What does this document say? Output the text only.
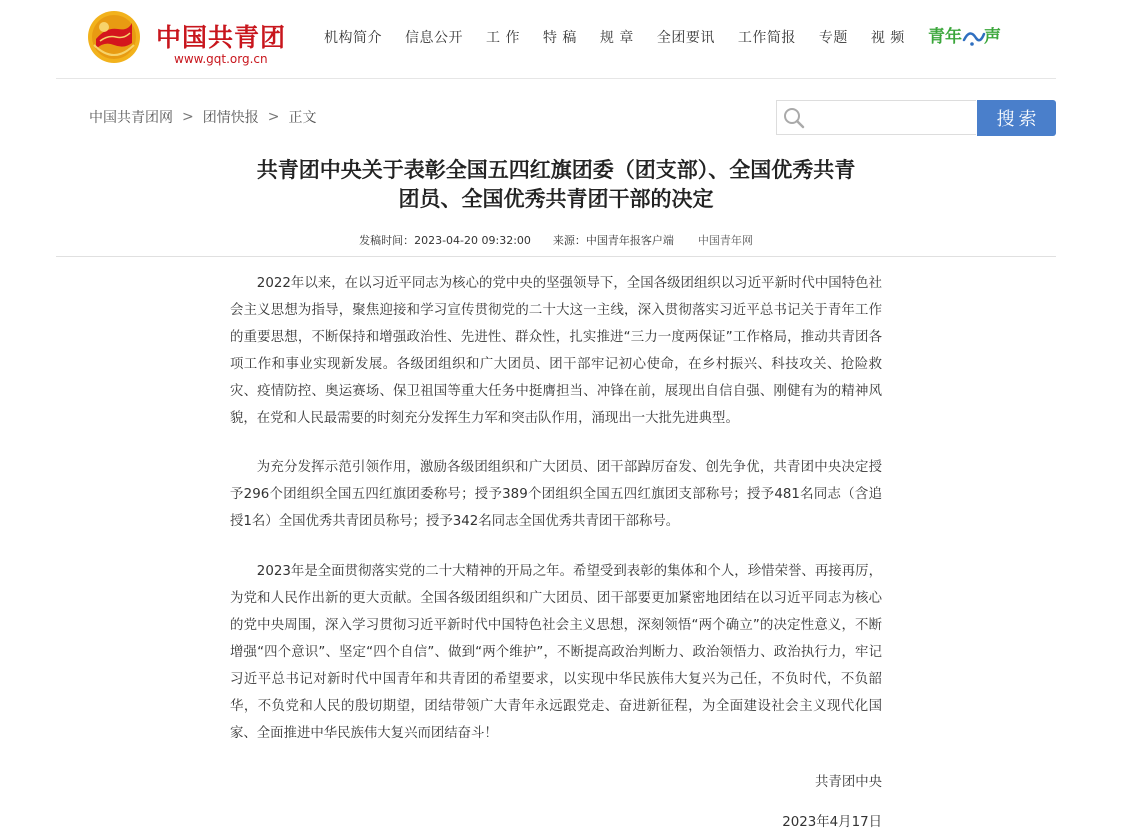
中国共青团
www.gqt.org.cn
机构简介 信息公开 工 作 特 稿 规 章 全团要讯 工作简报 专题 视 频 青年 声
中国共青团网 > 团情快报 > 正文	搜索
共青团中央关于表彰全国五四红旗团委（团支部）、全国优秀共青
团员、全国优秀共青团干部的决定
发稿时间： 2023-04-20 09:32:00 来源： 中国青年报客户端 中国青年网

2022年以来，在以习近平同志为核心的党中央的坚强领导下，全国各级团组织以习近平新时代中国特色社会主义思想为指导，聚焦迎接和学习宣传贯彻党的二十大这一主线，深入贯彻落实习近平总书记关于青年工作的重要思想，不断保持和增强政治性、先进性、群众性，扎实推进“三力一度两保证”工作格局，推动共青团各项工作和事业实现新发展。各级团组织和广大团员、团干部牢记初心使命，在乡村振兴、科技攻关、抢险救灾、疫情防控、奥运赛场、保卫祖国等重大任务中挺膺担当、冲锋在前，展现出自信自强、刚健有为的精神风貌，在党和人民最需要的时刻充分发挥生力军和突击队作用，涌现出一大批先进典型。

为充分发挥示范引领作用，激励各级团组织和广大团员、团干部踔厉奋发、创先争优，共青团中央决定授予296个团组织全国五四红旗团委称号；授予389个团组织全国五四红旗团支部称号；授予481名同志（含追授1名）全国优秀共青团员称号；授予342名同志全国优秀共青团干部称号。

2023年是全面贯彻落实党的二十大精神的开局之年。希望受到表彰的集体和个人，珍惜荣誉、再接再厉，为党和人民作出新的更大贡献。全国各级团组织和广大团员、团干部要更加紧密地团结在以习近平同志为核心的党中央周围，深入学习贯彻习近平新时代中国特色社会主义思想，深刻领悟“两个确立”的决定性意义，不断增强“四个意识”、坚定“四个自信”、做到“两个维护”，不断提高政治判断力、政治领悟力、政治执行力，牢记习近平总书记对新时代中国青年和共青团的希望要求，以实现中华民族伟大复兴为己任，不负时代，不负韶华，不负党和人民的殷切期望，团结带领广大青年永远跟党走、奋进新征程，为全面建设社会主义现代化国家、全面推进中华民族伟大复兴而团结奋斗！

共青团中央

2023年4月17日
